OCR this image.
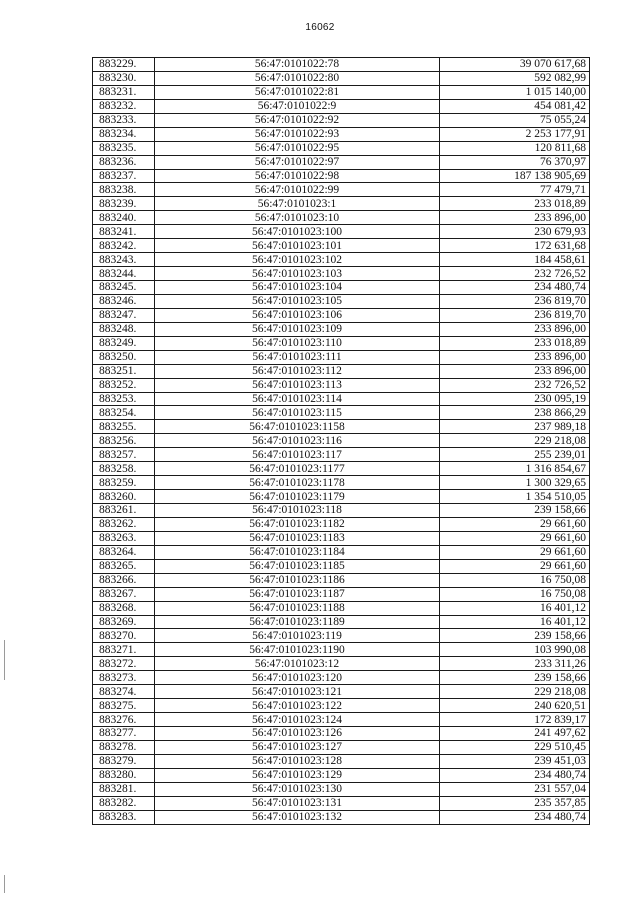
16062
883229.	56:47:0101022:78	39 070 617,68
883230.	56:47:0101022:80	592 082,99
883231.	56:47:0101022:81	1 015 140,00
883232.	56:47:0101022:9	454 081,42
883233.	56:47:0101022:92	75 055,24
883234.	56:47:0101022:93	2 253 177,91
883235.	56:47:0101022:95	120 811,68
883236.	56:47:0101022:97	76 370,97
883237.	56:47:0101022:98	187 138 905,69
883238.	56:47:0101022:99	77 479,71
883239.	56:47:0101023:1	233 018,89
883240.	56:47:0101023:10	233 896,00
883241.	56:47:0101023:100	230 679,93
883242.	56:47:0101023:101	172 631,68
883243.	56:47:0101023:102	184 458,61
883244.	56:47:0101023:103	232 726,52
883245.	56:47:0101023:104	234 480,74
883246.	56:47:0101023:105	236 819,70
883247.	56:47:0101023:106	236 819,70
883248.	56:47:0101023:109	233 896,00
883249.	56:47:0101023:110	233 018,89
883250.	56:47:0101023:111	233 896,00
883251.	56:47:0101023:112	233 896,00
883252.	56:47:0101023:113	232 726,52
883253.	56:47:0101023:114	230 095,19
883254.	56:47:0101023:115	238 866,29
883255.	56:47:0101023:1158	237 989,18
883256.	56:47:0101023:116	229 218,08
883257.	56:47:0101023:117	255 239,01
883258.	56:47:0101023:1177	1 316 854,67
883259.	56:47:0101023:1178	1 300 329,65
883260.	56:47:0101023:1179	1 354 510,05
883261.	56:47:0101023:118	239 158,66
883262.	56:47:0101023:1182	29 661,60
883263.	56:47:0101023:1183	29 661,60
883264.	56:47:0101023:1184	29 661,60
883265.	56:47:0101023:1185	29 661,60
883266.	56:47:0101023:1186	16 750,08
883267.	56:47:0101023:1187	16 750,08
883268.	56:47:0101023:1188	16 401,12
883269.	56:47:0101023:1189	16 401,12
883270.	56:47:0101023:119	239 158,66
883271.	56:47:0101023:1190	103 990,08
883272.	56:47:0101023:12	233 311,26
883273.	56:47:0101023:120	239 158,66
883274.	56:47:0101023:121	229 218,08
883275.	56:47:0101023:122	240 620,51
883276.	56:47:0101023:124	172 839,17
883277.	56:47:0101023:126	241 497,62
883278.	56:47:0101023:127	229 510,45
883279.	56:47:0101023:128	239 451,03
883280.	56:47:0101023:129	234 480,74
883281.	56:47:0101023:130	231 557,04
883282.	56:47:0101023:131	235 357,85
883283.	56:47:0101023:132	234 480,74
